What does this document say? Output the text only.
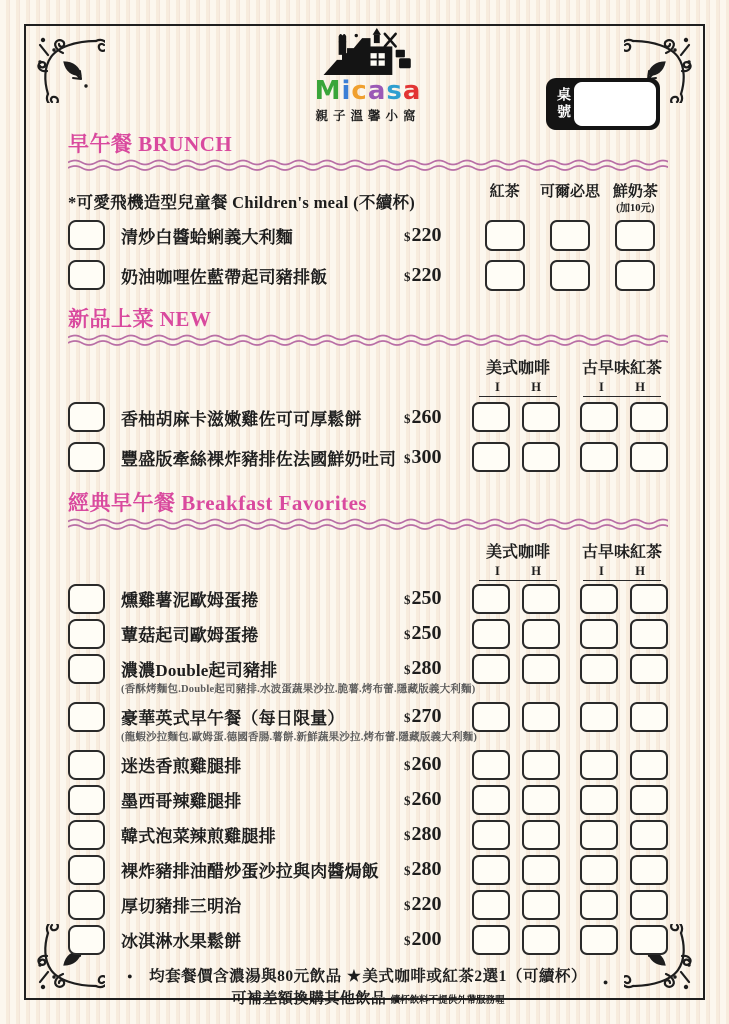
Micasa
親子溫馨小窩	桌號
早午餐 BRUNCH
*可愛飛機造型兒童餐 Children's meal (不續杯)
紅茶 可爾必思 鮮奶茶
(加10元)
清炒白醬蛤蜊義大利麵	$ 220
奶油咖哩佐藍帶起司豬排飯	$ 220
新品上菜 NEW
美式咖啡
I	H
古早味紅茶
I	H
香柚胡麻卡滋嫩雞佐可可厚鬆餅	$ 260
豐盛版牽絲裸炸豬排佐法國鮮奶吐司 $ 300
經典早午餐 Breakfast Favorites
美式咖啡
I	H
古早味紅茶
I	H
燻雞薯泥歐姆蛋捲	$ 250
蕈菇起司歐姆蛋捲	$ 250
濃濃Double起司豬排	$ 280
(香酥烤麵包.Double起司豬排.水波蛋蔬果沙拉.脆薯.烤布蕾.隱藏版義大利麵)
豪華英式早午餐（每日限量）	$ 270
(龍蝦沙拉麵包.歐姆蛋.德國香腸.薯餅.新鮮蔬果沙拉.烤布蕾.隱藏版義大利麵)
迷迭香煎雞腿排	$ 260
墨西哥辣雞腿排	$ 260
韓式泡菜辣煎雞腿排	$ 280
裸炸豬排油醋炒蛋沙拉與肉醬焗飯	$ 280
厚切豬排三明治	$ 220
冰淇淋水果鬆餅	$ 200
● 均套餐價含濃湯與80元飲品 ★美式咖啡或紅茶2選1（可續杯） $_●$
可補差額換購其他飲品 續杯飲料不提供外帶服務喔
